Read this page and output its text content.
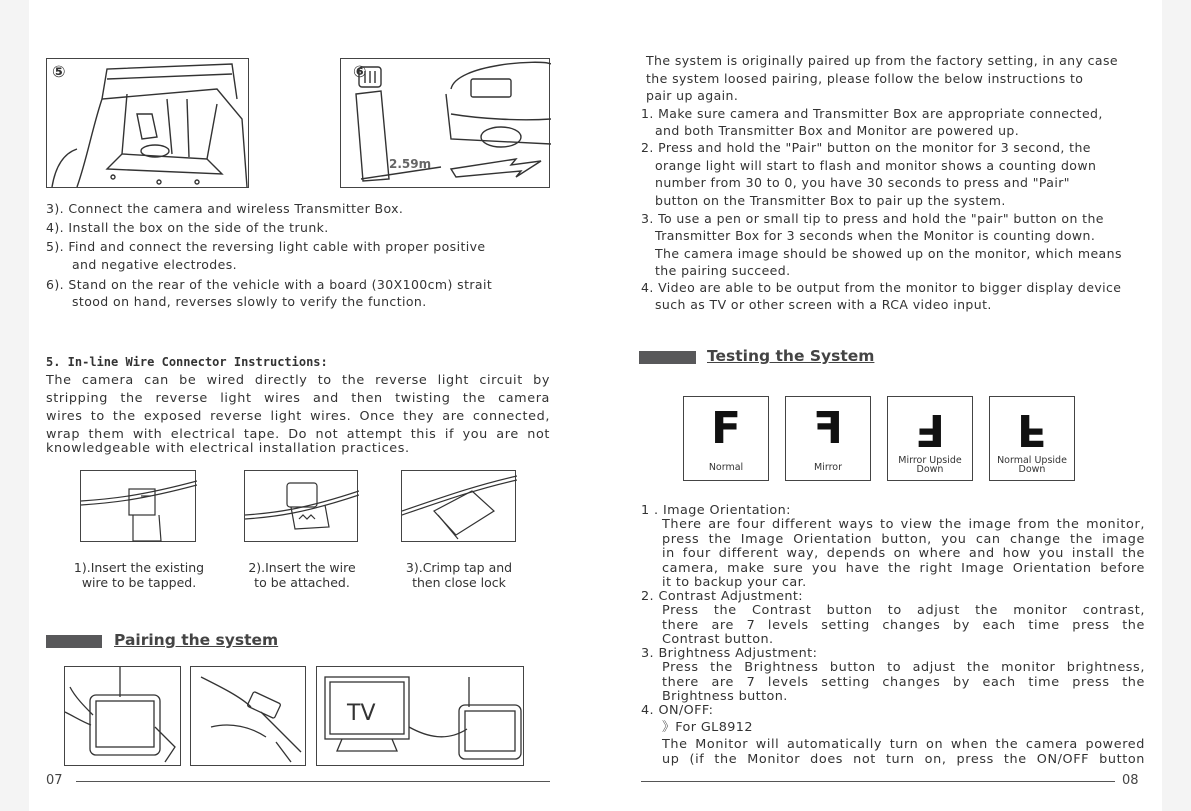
⑤	⑥
2.59m
3). Connect the camera and wireless Transmitter Box.
4). Install the box on the side of the trunk.
5). Find and connect the reversing light cable with proper positive
and negative electrodes.
6). Stand on the rear of the vehicle with a board (30X100cm) strait
stood on hand, reverses slowly to verify the function.
5. In-line Wire Connector Instructions:
The camera can be wired directly to the reverse light circuit by
stripping the reverse light wires and then twisting the camera
wires to the exposed reverse light wires. Once they are connected,
wrap them with electrical tape. Do not attempt this if you are not
knowledgeable with electrical installation practices.
1).Insert the existing
wire to be tapped.
2).Insert the wire
to be attached.
3).Crimp tap and
then close lock
Pairing the system
TV
07
The system is originally paired up from the factory setting, in any case
the system loosed pairing, please follow the below instructions to
pair up again.
1. Make sure camera and Transmitter Box are appropriate connected,
and both Transmitter Box and Monitor are powered up.
2. Press and hold the "Pair" button on the monitor for 3 second, the
orange light will start to flash and monitor shows a counting down
number from 30 to 0, you have 30 seconds to press and "Pair"
button on the Transmitter Box to pair up the system.
3. To use a pen or small tip to press and hold the "pair" button on the
Transmitter Box for 3 seconds when the Monitor is counting down.
The camera image should be showed up on the monitor, which means
the pairing succeed.
4. Video are able to be output from the monitor to bigger display device
such as TV or other screen with a RCA video input.
Testing the System
F
Normal
F
Mirror
F
Mirror Upside
Down
F
Normal Upside
Down
1 . Image Orientation:
There are four different ways to view the image from the monitor,
press the Image Orientation button, you can change the image
in four different way, depends on where and how you install the
camera, make sure you have the right Image Orientation before
it to backup your car.
2. Contrast Adjustment:
Press the Contrast button to adjust the monitor contrast,
there are 7 levels setting changes by each time press the
Contrast button.
3. Brightness Adjustment:
Press the Brightness button to adjust the monitor brightness,
there are 7 levels setting changes by each time press the
Brightness button.
4. ON/OFF:
》For GL8912
The Monitor will automatically turn on when the camera powered
up (if the Monitor does not turn on, press the ON/OFF button
08
